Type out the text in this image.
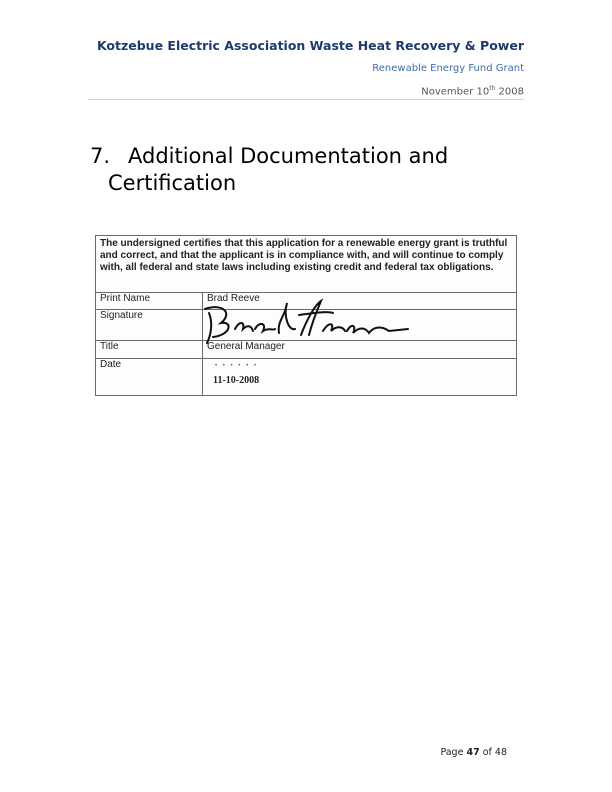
Kotzebue Electric Association Waste Heat Recovery & Power
Renewable Energy Fund Grant
November 10th 2008
7. Additional Documentation and
Certification
The undersigned certifies that this application for a renewable energy grant is truthful and correct, and that the applicant is in compliance with, and will continue to comply with, all federal and state laws including existing credit and federal tax obligations.	
Print Name	Brad Reeve
Signature	
Title	General Manager
Date	• • • • • •
11-10-2008
Page 47 of 48
